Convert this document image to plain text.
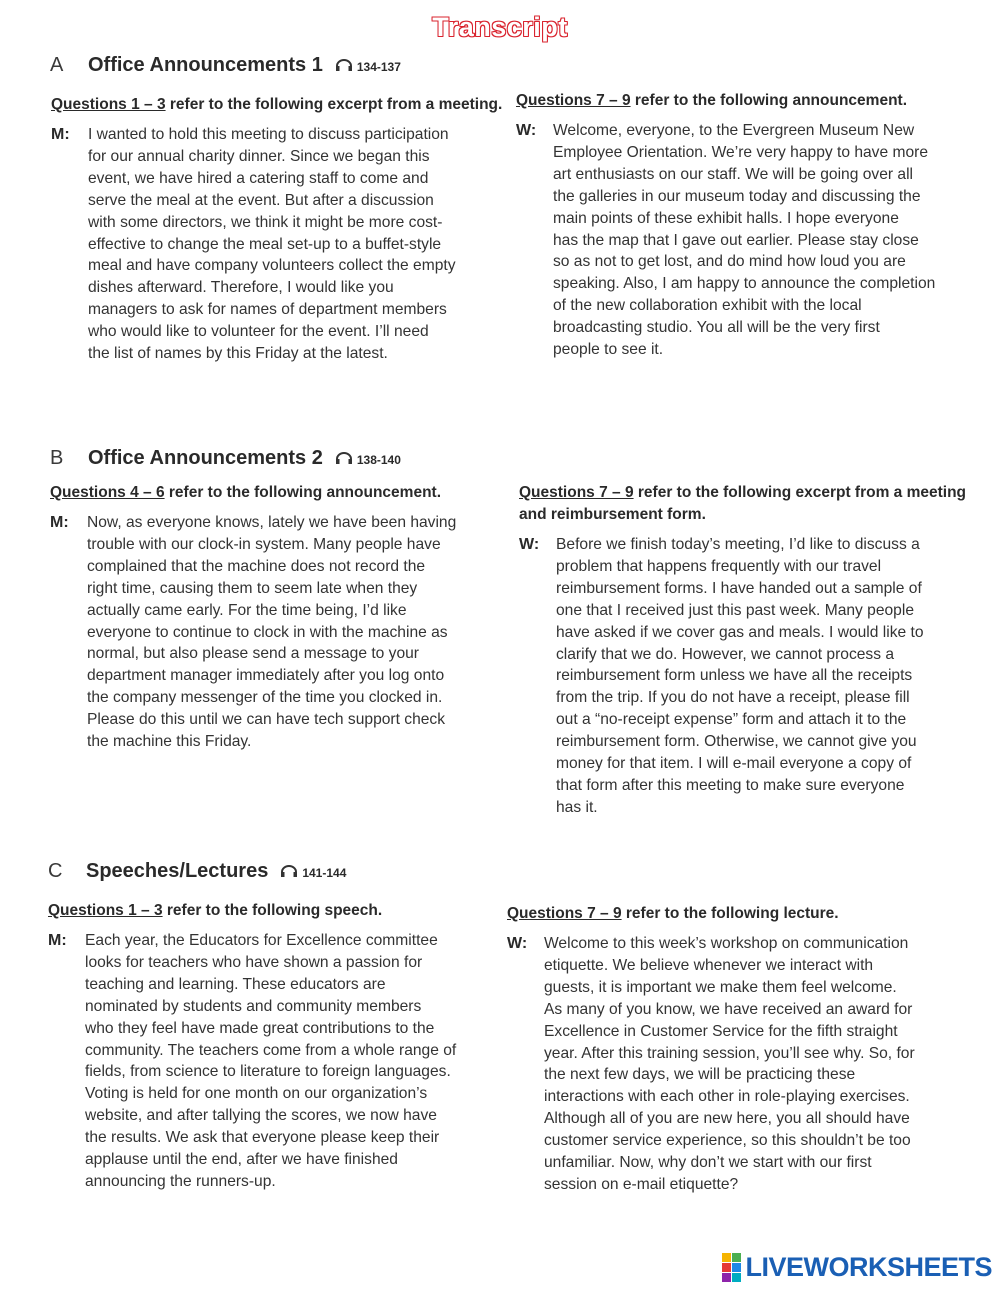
Transcript
A	Office Announcements 1	134-137
Questions 1 – 3 refer to the following excerpt from a meeting.
M:	I wanted to hold this meeting to discuss participation
for our annual charity dinner. Since we began this
event, we have hired a catering staff to come and
serve the meal at the event. But after a discussion
with some directors, we think it might be more cost-
effective to change the meal set-up to a buffet-style
meal and have company volunteers collect the empty
dishes afterward. Therefore, I would like you
managers to ask for names of department members
who would like to volunteer for the event. I’ll need
the list of names by this Friday at the latest.
Questions 7 – 9 refer to the following announcement.
W:	Welcome, everyone, to the Evergreen Museum New
Employee Orientation. We’re very happy to have more
art enthusiasts on our staff. We will be going over all
the galleries in our museum today and discussing the
main points of these exhibit halls. I hope everyone
has the map that I gave out earlier. Please stay close
so as not to get lost, and do mind how loud you are
speaking. Also, I am happy to announce the completion
of the new collaboration exhibit with the local
broadcasting studio. You all will be the very first
people to see it.
B	Office Announcements 2	138-140
Questions 4 – 6 refer to the following announcement.
M:	Now, as everyone knows, lately we have been having
trouble with our clock-in system. Many people have
complained that the machine does not record the
right time, causing them to seem late when they
actually came early. For the time being, I’d like
everyone to continue to clock in with the machine as
normal, but also please send a message to your
department manager immediately after you log onto
the company messenger of the time you clocked in.
Please do this until we can have tech support check
the machine this Friday.
Questions 7 – 9 refer to the following excerpt from a meeting and reimbursement form.
W:	Before we finish today’s meeting, I’d like to discuss a
problem that happens frequently with our travel
reimbursement forms. I have handed out a sample of
one that I received just this past week. Many people
have asked if we cover gas and meals. I would like to
clarify that we do. However, we cannot process a
reimbursement form unless we have all the receipts
from the trip. If you do not have a receipt, please fill
out a “no-receipt expense” form and attach it to the
reimbursement form. Otherwise, we cannot give you
money for that item. I will e-mail everyone a copy of
that form after this meeting to make sure everyone
has it.
C	Speeches/Lectures	141-144
Questions 1 – 3 refer to the following speech.
M:	Each year, the Educators for Excellence committee
looks for teachers who have shown a passion for
teaching and learning. These educators are
nominated by students and community members
who they feel have made great contributions to the
community. The teachers come from a whole range of
fields, from science to literature to foreign languages.
Voting is held for one month on our organization’s
website, and after tallying the scores, we now have
the results. We ask that everyone please keep their
applause until the end, after we have finished
announcing the runners-up.
Questions 7 – 9 refer to the following lecture.
W:	Welcome to this week’s workshop on communication
etiquette. We believe whenever we interact with
guests, it is important we make them feel welcome.
As many of you know, we have received an award for
Excellence in Customer Service for the fifth straight
year. After this training session, you’ll see why. So, for
the next few days, we will be practicing these
interactions with each other in role-playing exercises.
Although all of you are new here, you all should have
customer service experience, so this shouldn’t be too
unfamiliar. Now, why don’t we start with our first
session on e-mail etiquette?
LIVEWORKSHEETS
